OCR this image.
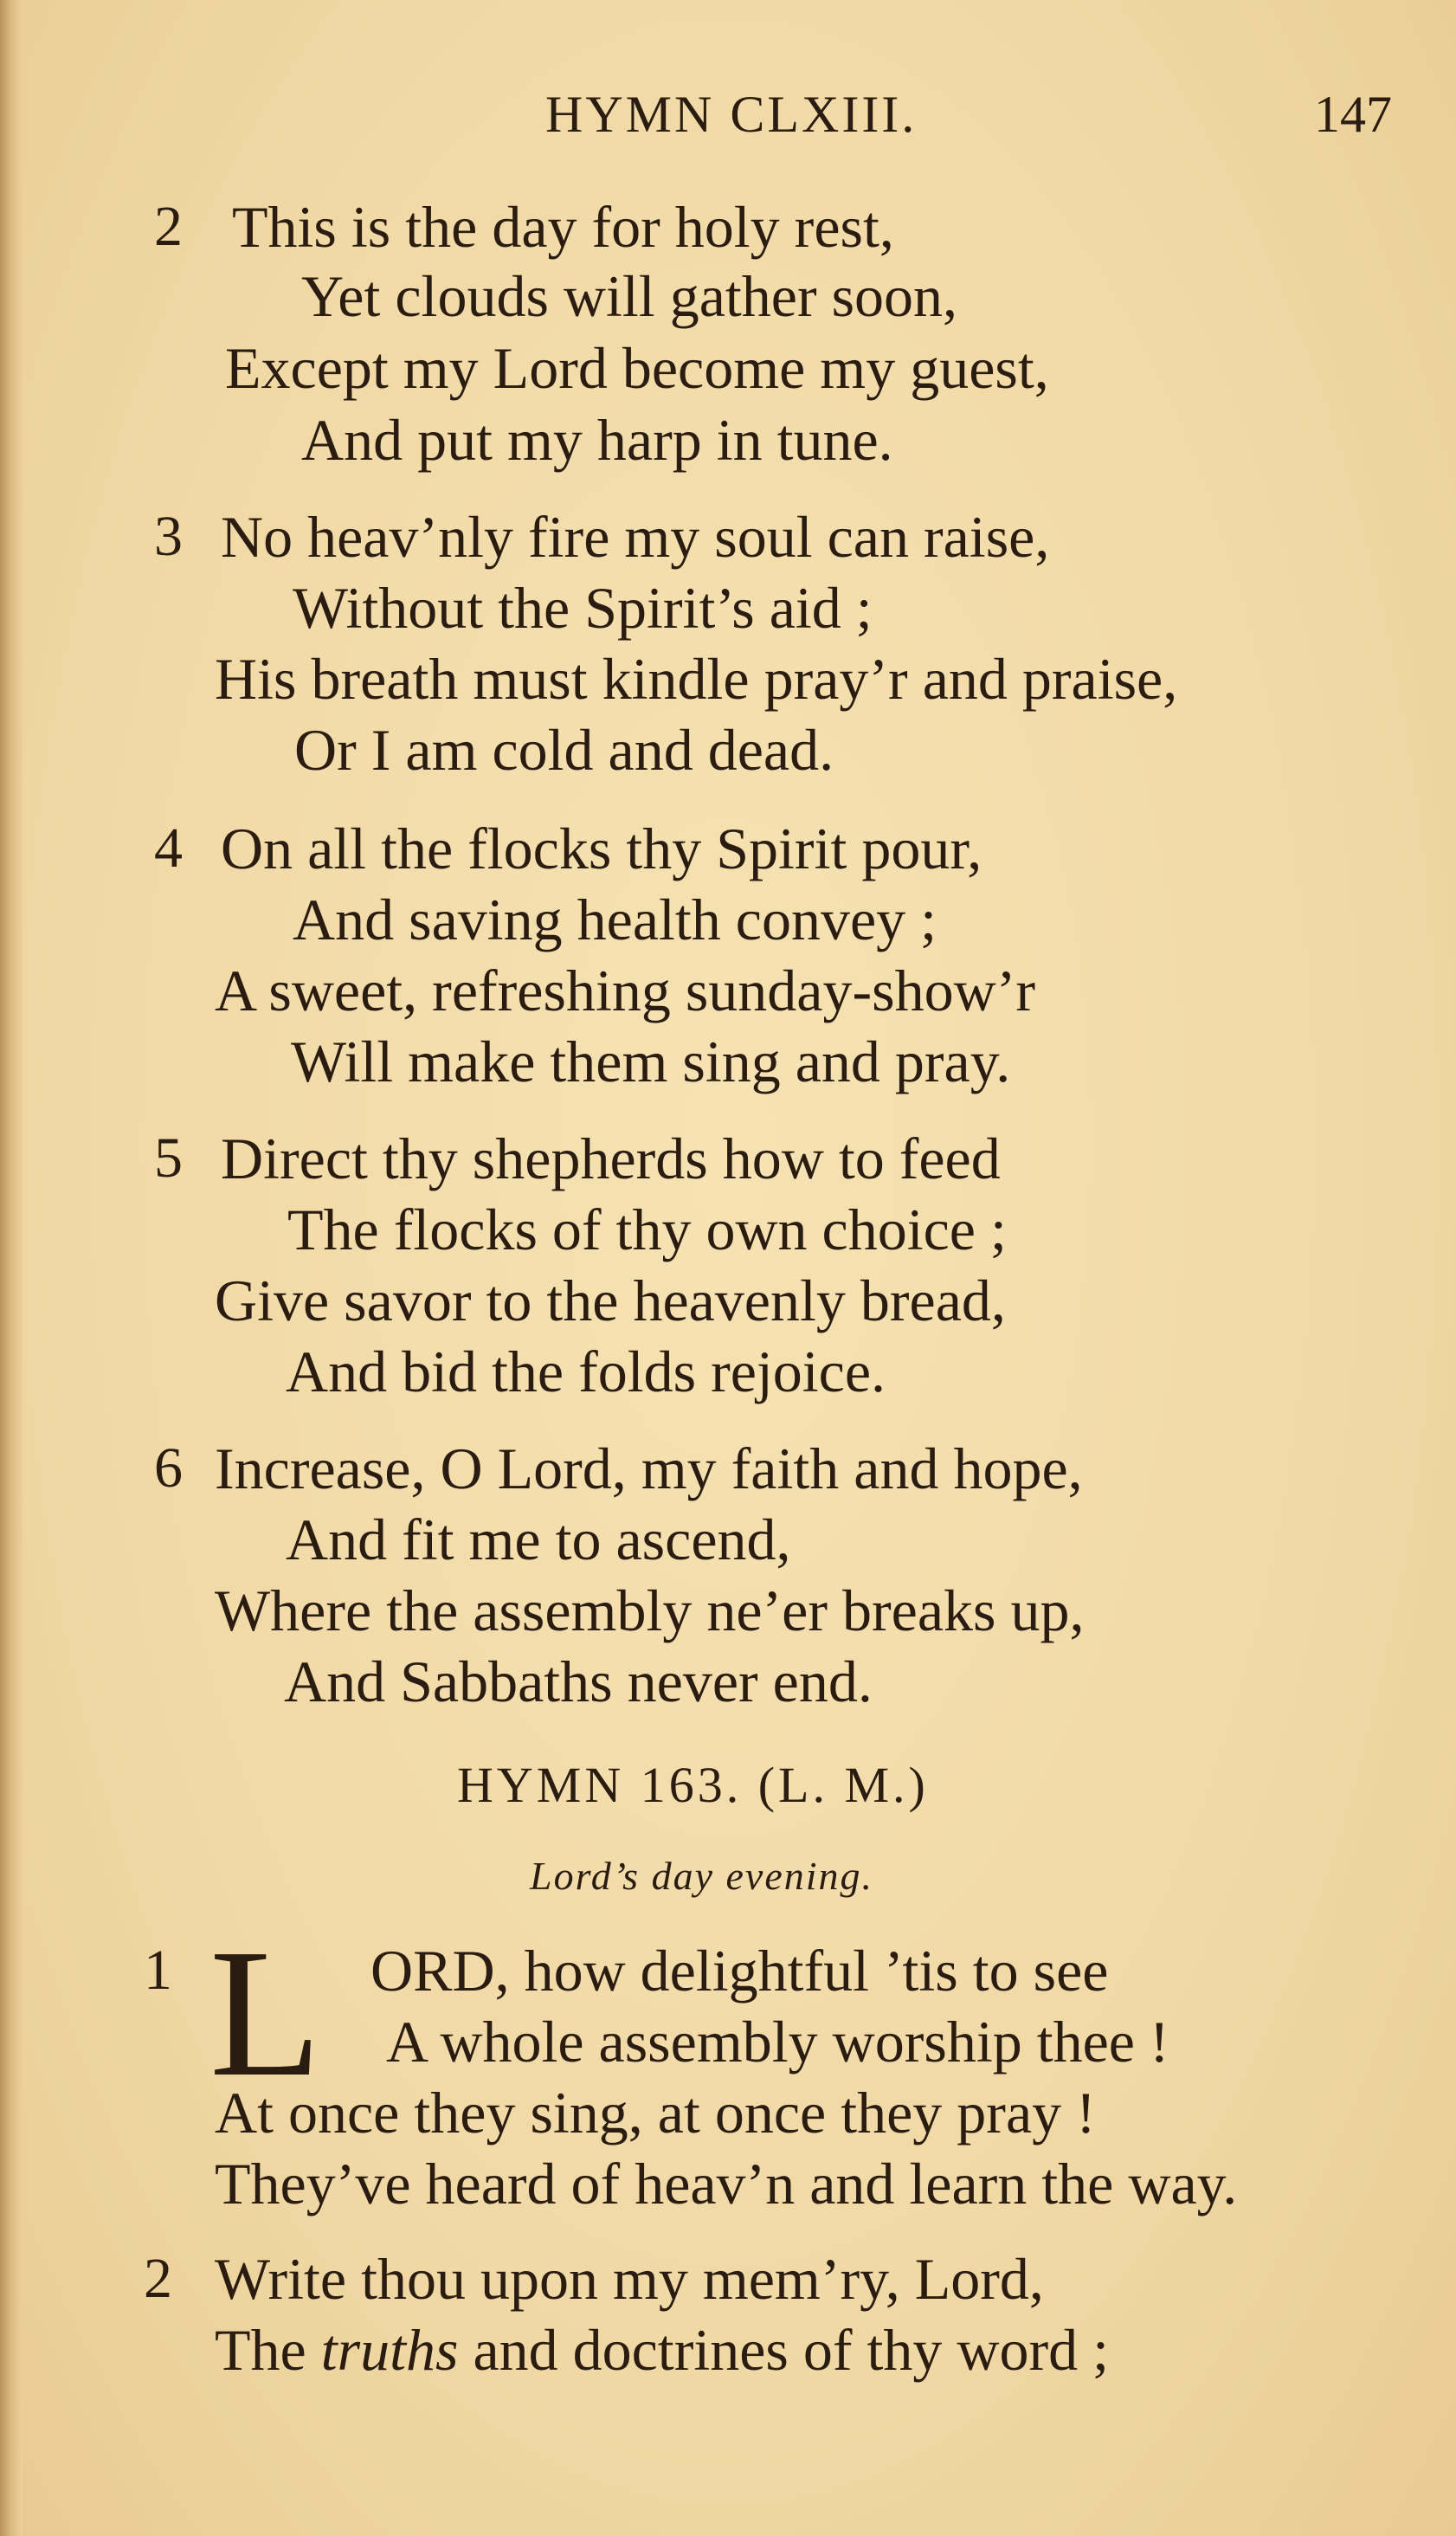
HYMN CLXIII.	147
2 This is the day for holy rest,
Yet clouds will gather soon,
Except my Lord become my guest,
And put my harp in tune.
3 No heav’nly fire my soul can raise,
Without the Spirit’s aid ;
His breath must kindle pray’r and praise,
Or I am cold and dead.
4 On all the flocks thy Spirit pour,
And saving health convey ;
A sweet, refreshing sunday-show’r
Will make them sing and pray.
5 Direct thy shepherds how to feed
The flocks of thy own choice ;
Give savor to the heavenly bread,
And bid the folds rejoice.
6 Increase, O Lord, my faith and hope,
And fit me to ascend,
Where the assembly ne’er breaks up,
And Sabbaths never end.
HYMN 163. (L. M.)
Lord’s day evening.
1 L ORD, how delightful ’tis to see
A whole assembly worship thee !
At once they sing, at once they pray !
They’ve heard of heav’n and learn the way.
2 Write thou upon my mem’ry, Lord,
The truths and doctrines of thy word ;
